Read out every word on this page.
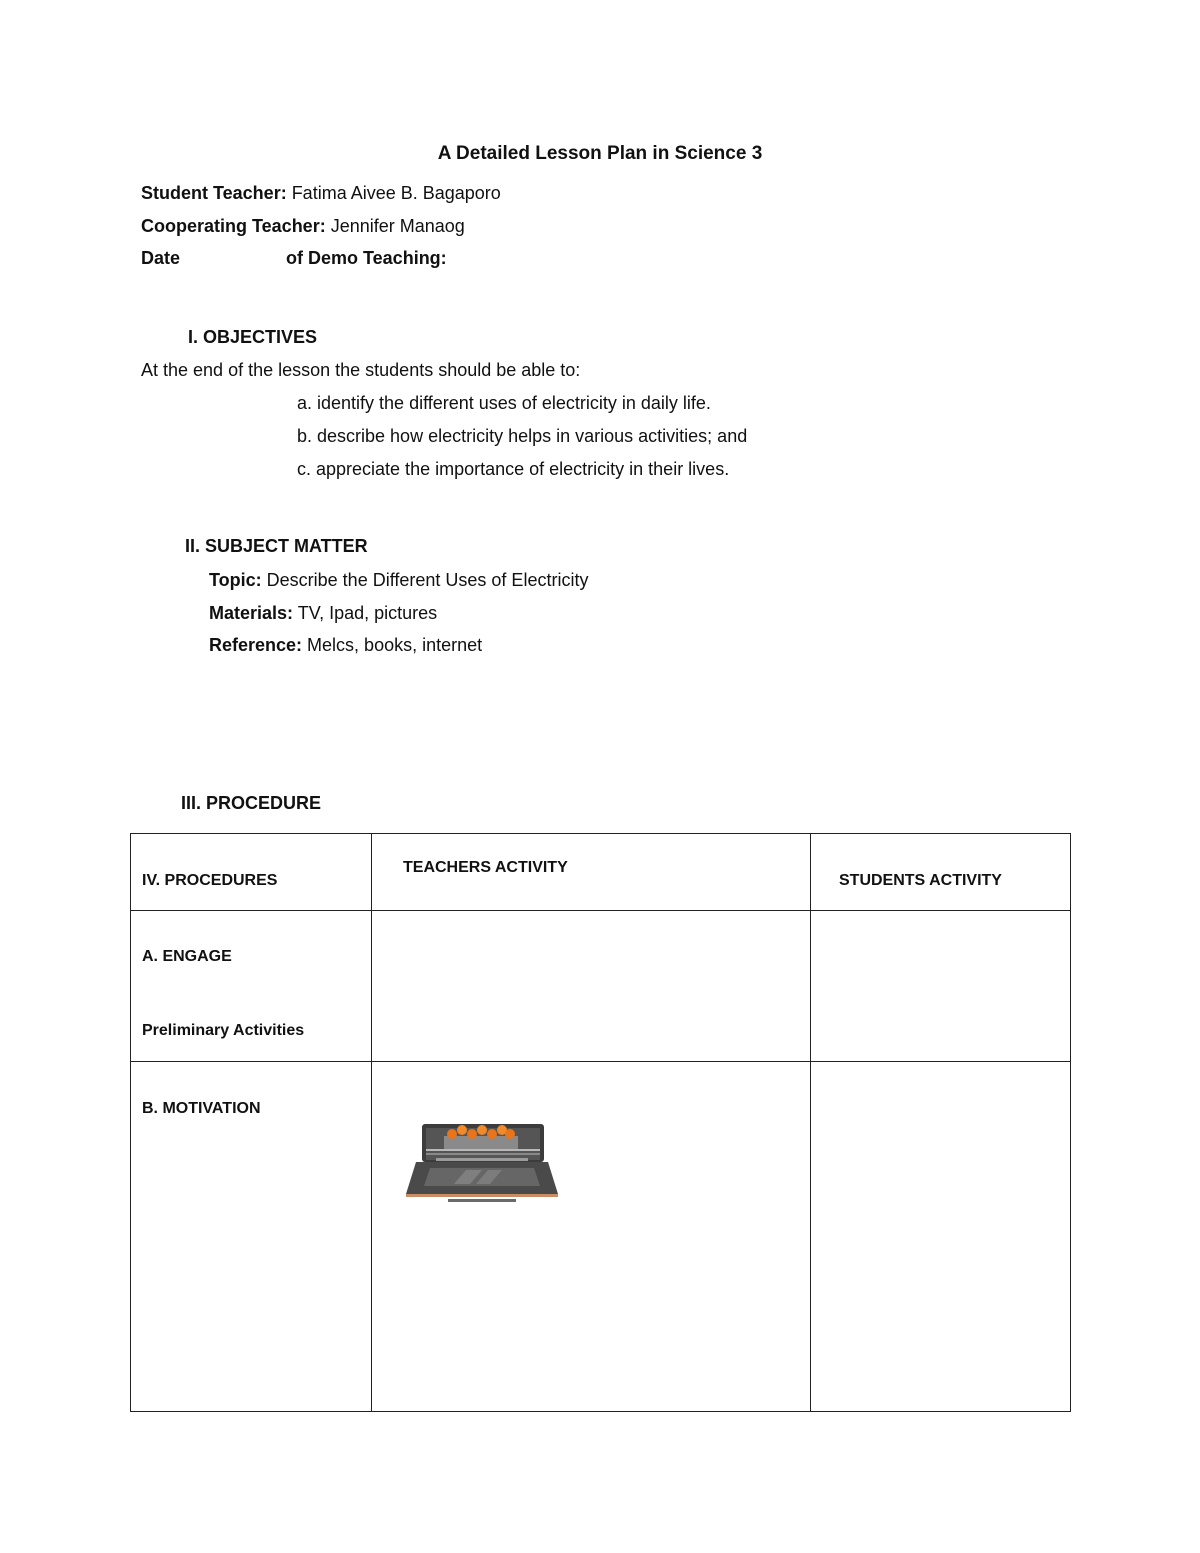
A Detailed Lesson Plan in Science 3
Student Teacher: Fatima Aivee B. Bagaporo
Cooperating Teacher: Jennifer Manaog
Date	of Demo Teaching:
I. OBJECTIVES
At the end of the lesson the students should be able to:
a. identify the different uses of electricity in daily life.
b. describe how electricity helps in various activities; and
c. appreciate the importance of electricity in their lives.
II. SUBJECT MATTER
Topic: Describe the Different Uses of Electricity
Materials: TV, Ipad, pictures
Reference: Melcs, books, internet
III. PROCEDURE
IV. PROCEDURES	TEACHERS ACTIVITY	STUDENTS ACTIVITY

A. ENGAGE
Preliminary Activities		

B. MOTIVATION
